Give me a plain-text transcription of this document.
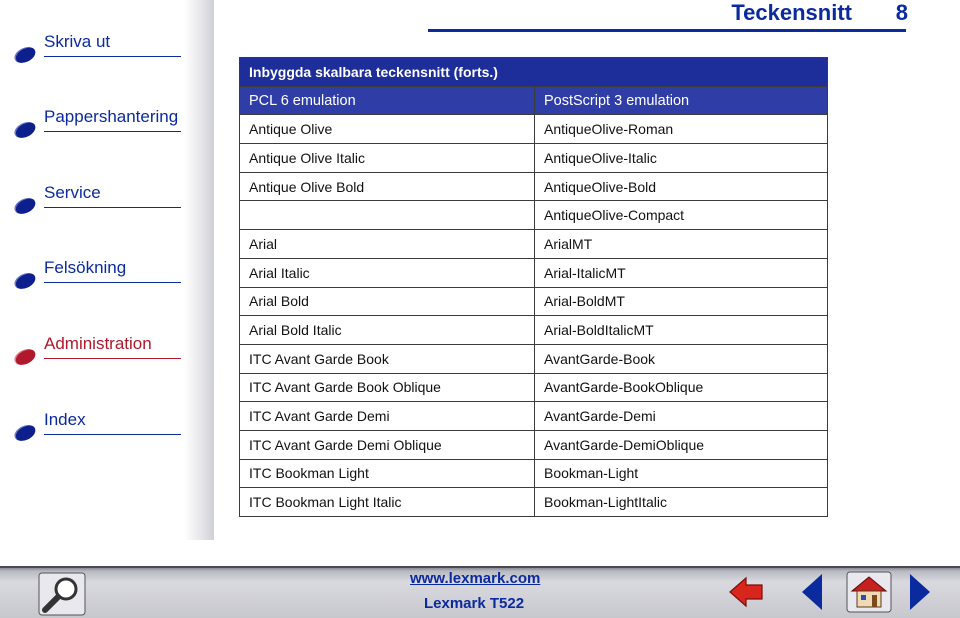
Skriva ut
Pappershantering
Service
Felsökning
Administration
Index
Teckensnitt 8
Inbyggda skalbara teckensnitt (forts.)	
PCL 6 emulation	PostScript 3 emulation
Antique Olive	AntiqueOlive-Roman
Antique Olive Italic	AntiqueOlive-Italic
Antique Olive Bold	AntiqueOlive-Bold
	AntiqueOlive-Compact
Arial	ArialMT
Arial Italic	Arial-ItalicMT
Arial Bold	Arial-BoldMT
Arial Bold Italic	Arial-BoldItalicMT
ITC Avant Garde Book	AvantGarde-Book
ITC Avant Garde Book Oblique	AvantGarde-BookOblique
ITC Avant Garde Demi	AvantGarde-Demi
ITC Avant Garde Demi Oblique	AvantGarde-DemiOblique
ITC Bookman Light	Bookman-Light
ITC Bookman Light Italic	Bookman-LightItalic
www.lexmark.com
Lexmark T522
